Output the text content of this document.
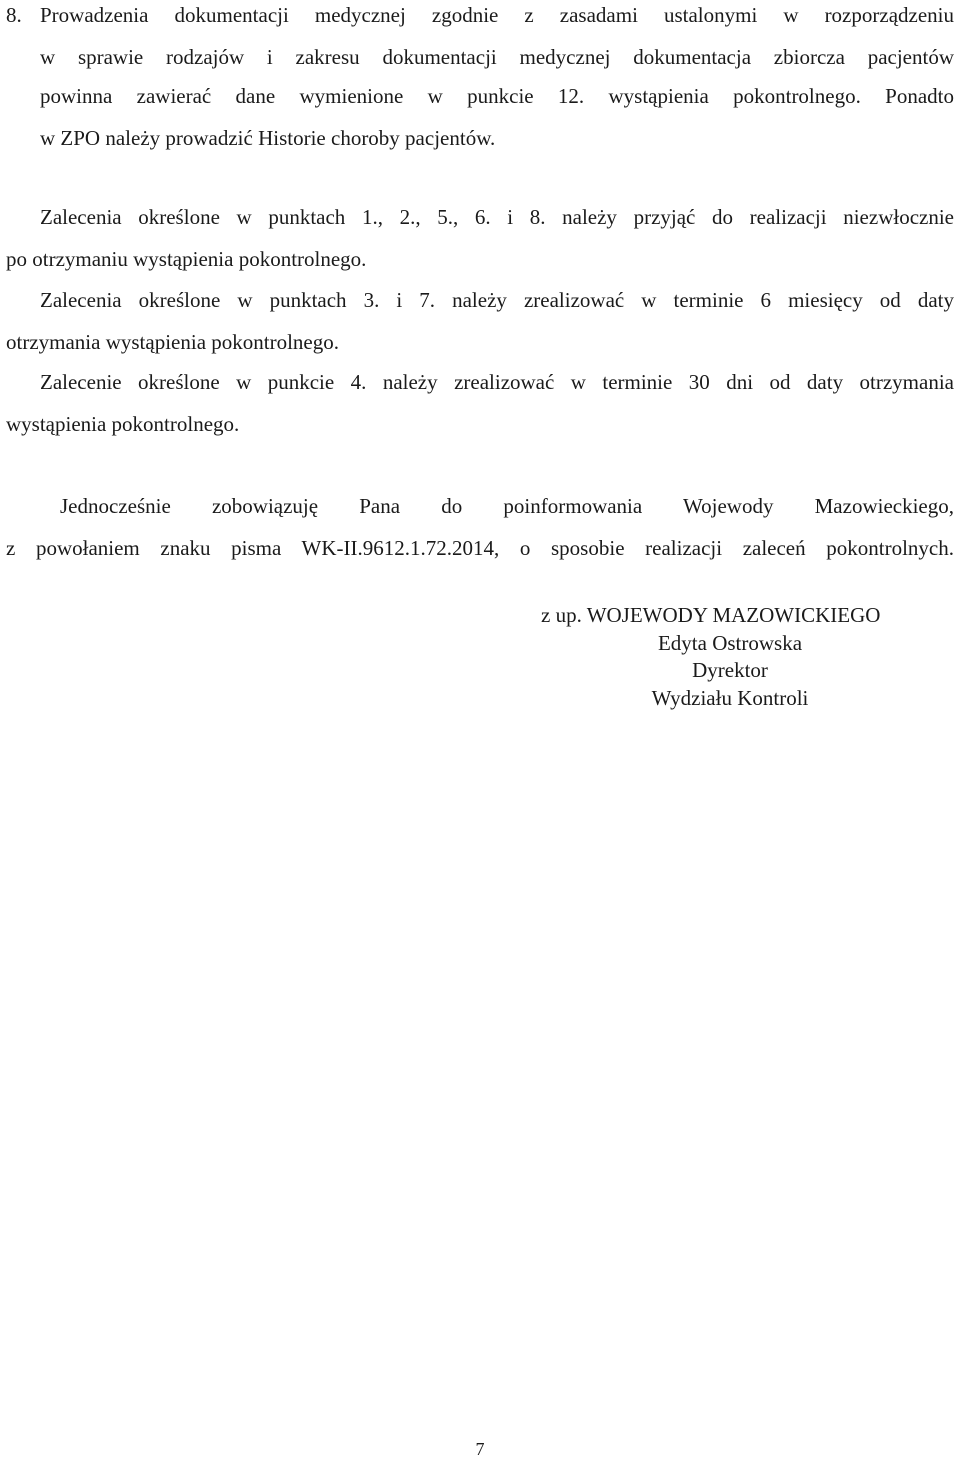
8. Prowadzenia dokumentacji medycznej zgodnie z zasadami ustalonymi w rozporządzeniu
w sprawie rodzajów i zakresu dokumentacji medycznej dokumentacja zbiorcza pacjentów
powinna zawierać dane wymienione w punkcie 12. wystąpienia pokontrolnego. Ponadto
w ZPO należy prowadzić Historie choroby pacjentów.
Zalecenia określone w punktach 1., 2., 5., 6. i 8. należy przyjąć do realizacji niezwłocznie
po otrzymaniu wystąpienia pokontrolnego.
Zalecenia określone w punktach 3. i 7. należy zrealizować w terminie 6 miesięcy od daty
otrzymania wystąpienia pokontrolnego.
Zalecenie określone w punkcie 4. należy zrealizować w terminie 30 dni od daty otrzymania
wystąpienia pokontrolnego.
Jednocześnie zobowiązuję Pana do poinformowania Wojewody Mazowieckiego,
z powołaniem znaku pisma WK-II.9612.1.72.2014, o sposobie realizacji zaleceń pokontrolnych.
z up. WOJEWODY MAZOWICKIEGO
Edyta Ostrowska
Dyrektor
Wydziału Kontroli
7
